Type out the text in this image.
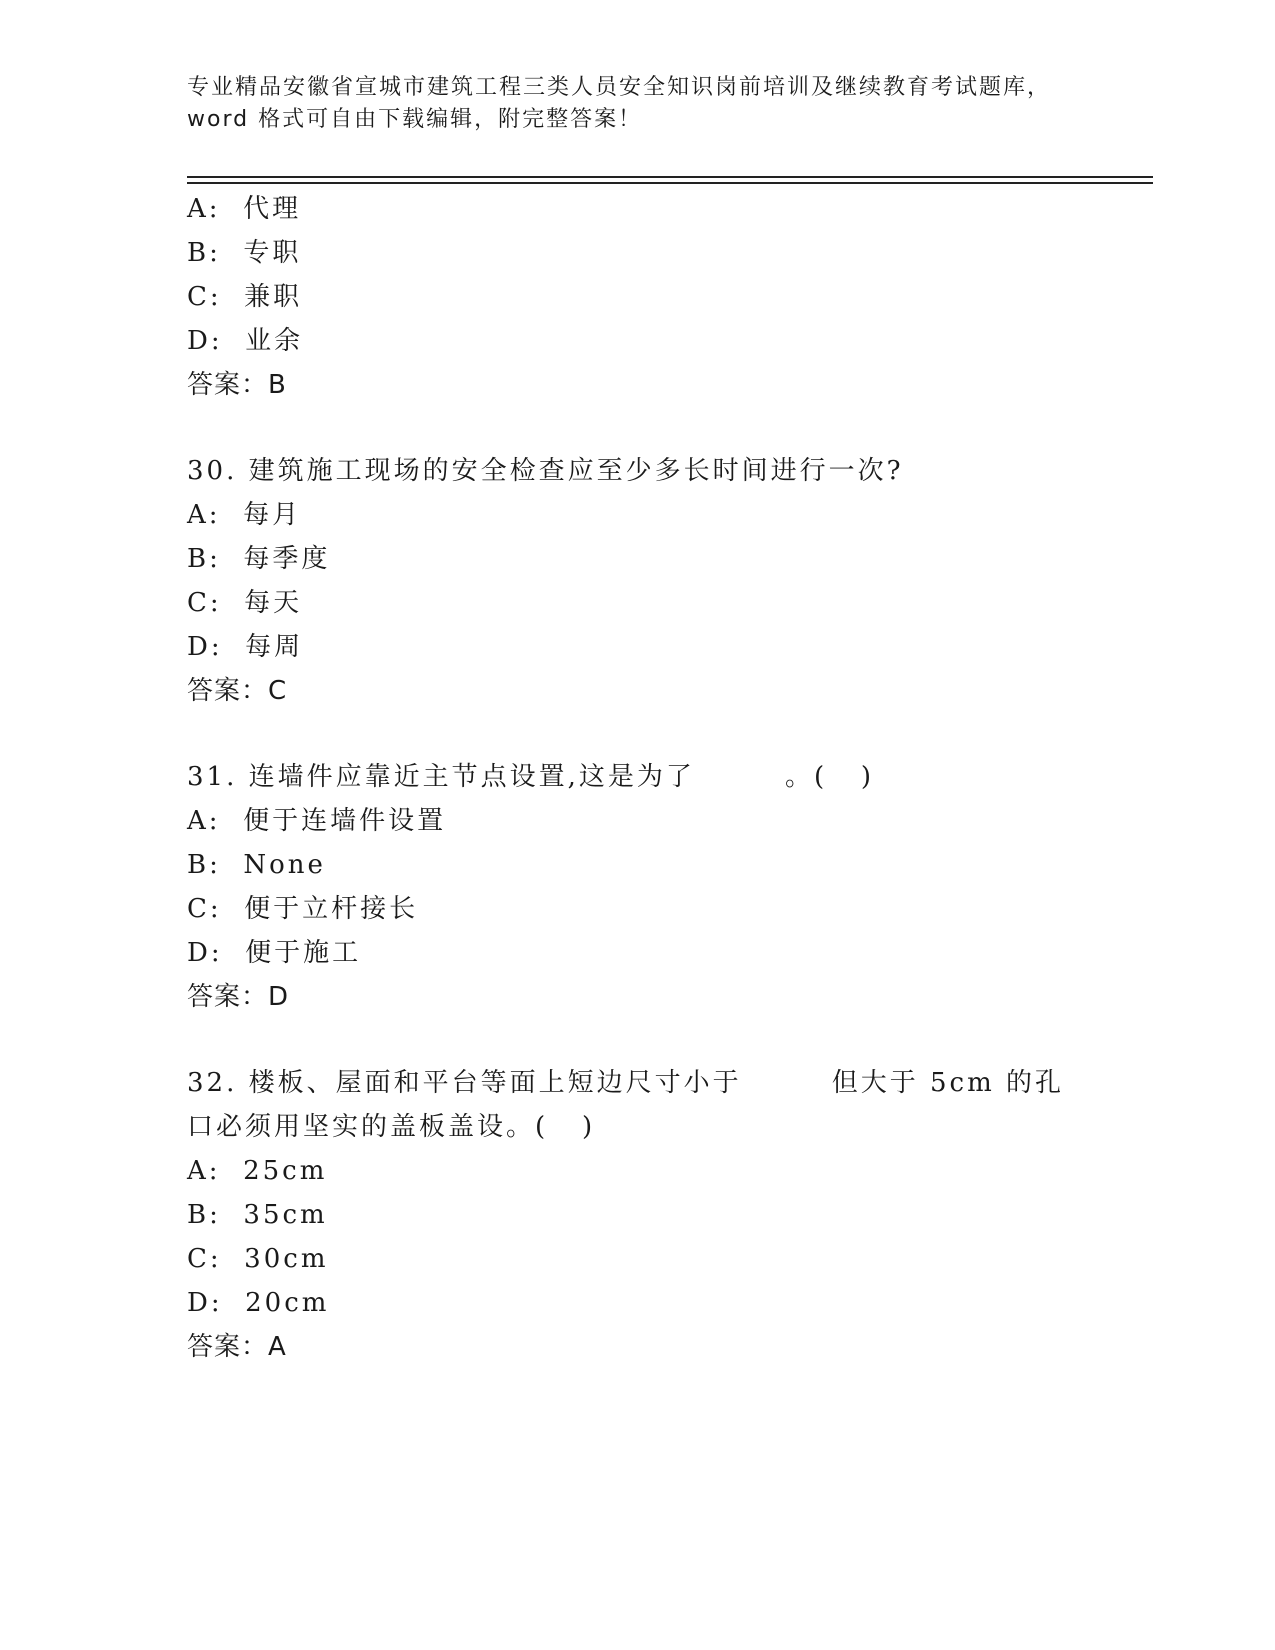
专业精品安徽省宣城市建筑工程三类人员安全知识岗前培训及继续教育考试题库，
word 格式可自由下载编辑，附完整答案！
A:  代理
B:  专职
C:  兼职
D:  业余
答案：B
30. 建筑施工现场的安全检查应至少多长时间进行一次?
A:  每月
B:  每季度
C:  每天
D:  每周
答案：C
31. 连墙件应靠近主节点设置,这是为了        。(   )
A:  便于连墙件设置
B:  None
C:  便于立杆接长
D:  便于施工
答案：D
32. 楼板、屋面和平台等面上短边尺寸小于        但大于 5cm 的孔
口必须用坚实的盖板盖设。(   )
A:  25cm
B:  35cm
C:  30cm
D:  20cm
答案：A
